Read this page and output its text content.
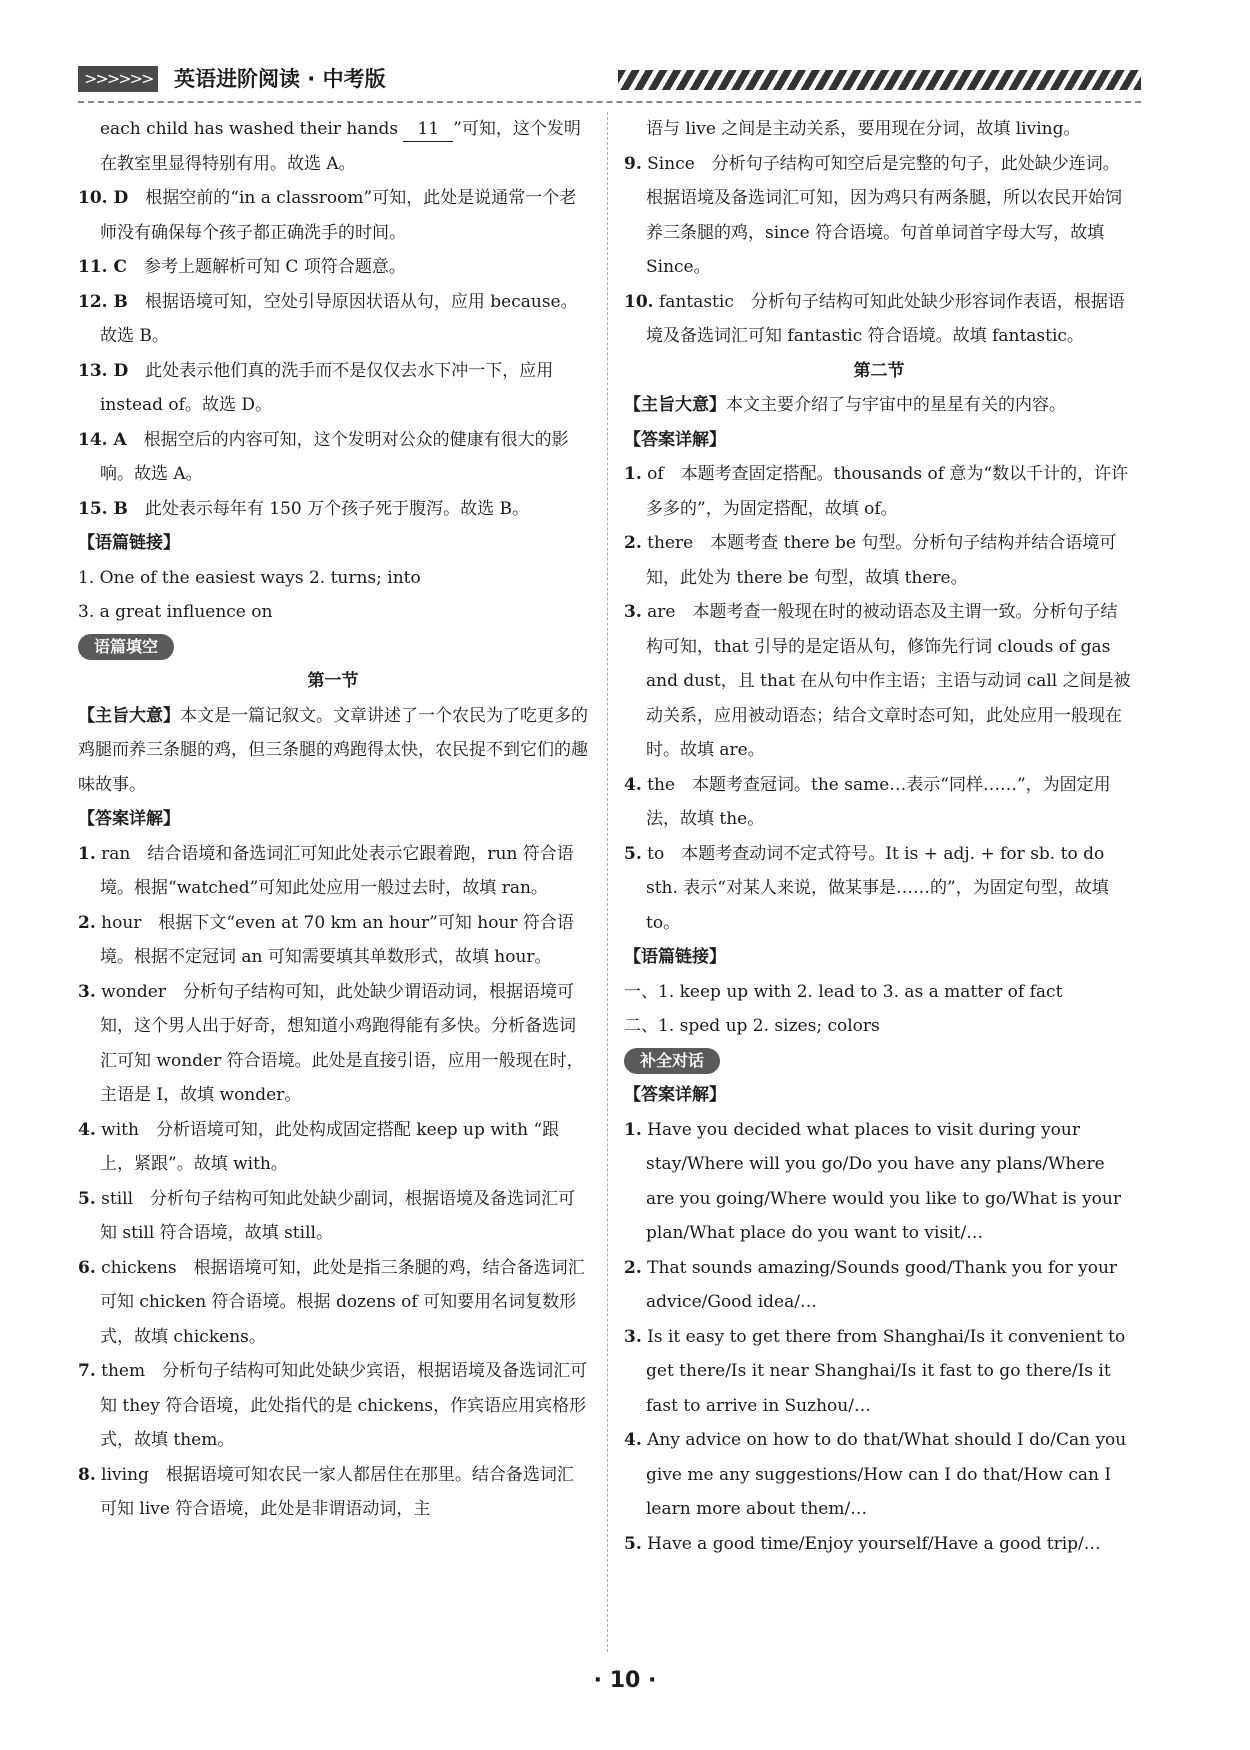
>>>>>> 英语进阶阅读 · 中考版
each child has washed their hands 11 ”可知，这个发明在教室里显得特别有用。故选 A。
10. D　 根据空前的“in a classroom”可知，此处是说通常一个老师没有确保每个孩子都正确洗手的时间。
11. C　 参考上题解析可知 C 项符合题意。
12. B　 根据语境可知，空处引导原因状语从句，应用 because。故选 B。
13. D　 此处表示他们真的洗手而不是仅仅去水下冲一下，应用 instead of。故选 D。
14. A　 根据空后的内容可知，这个发明对公众的健康有很大的影响。故选 A。
15. B　 此处表示每年有 150 万个孩子死于腹泻。故选 B。
【语篇链接】
1. One of the easiest ways 2. turns; into
3. a great influence on
语篇填空
第一节
【主旨大意】本文是一篇记叙文。文章讲述了一个农民为了吃更多的鸡腿而养三条腿的鸡，但三条腿的鸡跑得太快，农民捉不到它们的趣味故事。
【答案详解】
1. ran　 结合语境和备选词汇可知此处表示它跟着跑，run 符合语境。根据“watched”可知此处应用一般过去时，故填 ran。
2. hour　 根据下文“even at 70 km an hour”可知 hour 符合语境。根据不定冠词 an 可知需要填其单数形式，故填 hour。
3. wonder　 分析句子结构可知，此处缺少谓语动词，根据语境可知，这个男人出于好奇，想知道小鸡跑得能有多快。分析备选词汇可知 wonder 符合语境。此处是直接引语，应用一般现在时，主语是 I，故填 wonder。
4. with　 分析语境可知，此处构成固定搭配 keep up with “跟上，紧跟”。故填 with。
5. still　 分析句子结构可知此处缺少副词，根据语境及备选词汇可知 still 符合语境，故填 still。
6. chickens　 根据语境可知，此处是指三条腿的鸡，结合备选词汇可知 chicken 符合语境。根据 dozens of 可知要用名词复数形式，故填 chickens。
7. them　 分析句子结构可知此处缺少宾语，根据语境及备选词汇可知 they 符合语境，此处指代的是 chickens，作宾语应用宾格形式，故填 them。
8. living　 根据语境可知农民一家人都居住在那里。结合备选词汇可知 live 符合语境，此处是非谓语动词，主
语与 live 之间是主动关系，要用现在分词，故填 living。
9. Since　 分析句子结构可知空后是完整的句子，此处缺少连词。根据语境及备选词汇可知，因为鸡只有两条腿，所以农民开始饲养三条腿的鸡，since 符合语境。句首单词首字母大写，故填 Since。
10. fantastic　 分析句子结构可知此处缺少形容词作表语，根据语境及备选词汇可知 fantastic 符合语境。故填 fantastic。
第二节
【主旨大意】本文主要介绍了与宇宙中的星星有关的内容。
【答案详解】
1. of　 本题考查固定搭配。thousands of 意为“数以千计的，许许多多的”，为固定搭配，故填 of。
2. there　 本题考查 there be 句型。分析句子结构并结合语境可知，此处为 there be 句型，故填 there。
3. are　 本题考查一般现在时的被动语态及主谓一致。分析句子结构可知，that 引导的是定语从句，修饰先行词 clouds of gas and dust，且 that 在从句中作主语；主语与动词 call 之间是被动关系，应用被动语态；结合文章时态可知，此处应用一般现在时。故填 are。
4. the　 本题考查冠词。the same…表示“同样……”，为固定用法，故填 the。
5. to　 本题考查动词不定式符号。It is + adj. + for sb. to do sth. 表示“对某人来说，做某事是……的”，为固定句型，故填 to。
【语篇链接】
一、1. keep up with 2. lead to 3. as a matter of fact
二、1. sped up 2. sizes; colors
补全对话
【答案详解】
1. Have you decided what places to visit during your stay/Where will you go/Do you have any plans/Where are you going/Where would you like to go/What is your plan/What place do you want to visit/…
2. That sounds amazing/Sounds good/Thank you for your advice/Good idea/…
3. Is it easy to get there from Shanghai/Is it convenient to get there/Is it near Shanghai/Is it fast to go there/Is it fast to arrive in Suzhou/…
4. Any advice on how to do that/What should I do/Can you give me any suggestions/How can I do that/How can I learn more about them/…
5. Have a good time/Enjoy yourself/Have a good trip/…
· 10 ·
